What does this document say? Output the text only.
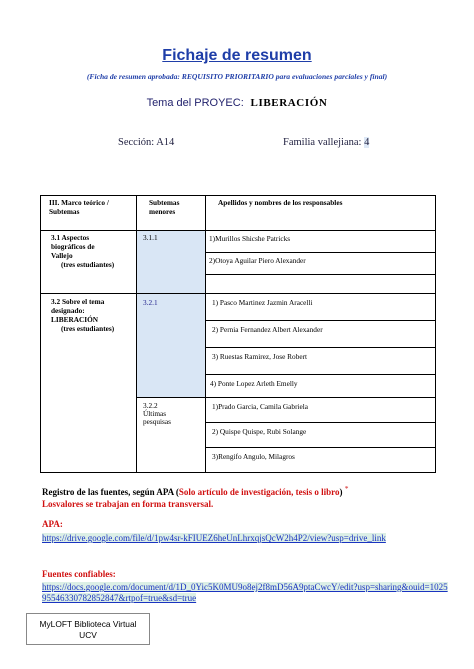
Fichaje de resumen
(Ficha de resumen aprobada: REQUISITO PRIORITARIO para evaluaciones parciales y final)
Tema del PROYEC: LIBERACIÓN
Sección: A14	Familia vallejiana: 4
III. Marco teórico / Subtemas	Subtemas menores	Apellidos y nombres de los responsables

3.1 Aspectos
biográficos de
Vallejo
(tres estudiantes)	3.1.1	1)Murillos Shicshe Patricks
		2)Otoya Aguilar Piero Alexander

3.2 Sobre el tema
designado:
LIBERACIÓN
(tres estudiantes)	3.2.1	1) Pasco Martinez Jazmin Aracelli
		2) Pernia Fernandez Albert Alexander
		3) Ruestas Ramirez, Jose Robert
		4) Ponte Lopez Arleth Emelly

	3.2.2
Últimas
pesquisas	1)Prado Garcia, Camila Gabriela
		2) Quispe Quispe, Rubi Solange
		3)Rengifo Angulo, Milagros
Registro de las fuentes, según APA (Solo artículo de investigación, tesis o libro) *
Losvalores se trabajan en forma transversal.
APA:
https://drive.google.com/file/d/1pw4sr-kFIUEZ6heUnLhrxqjsQcW2h4P2/view?usp=drive_link
Fuentes confiables:
https://docs.google.com/document/d/1D_0Yic5K0MU9o8ej2f8mD56A9ptaCwcY/edit?usp=sharing&ouid=102595546330782852847&rtpof=true&sd=true
MyLOFT Biblioteca Virtual
UCV
